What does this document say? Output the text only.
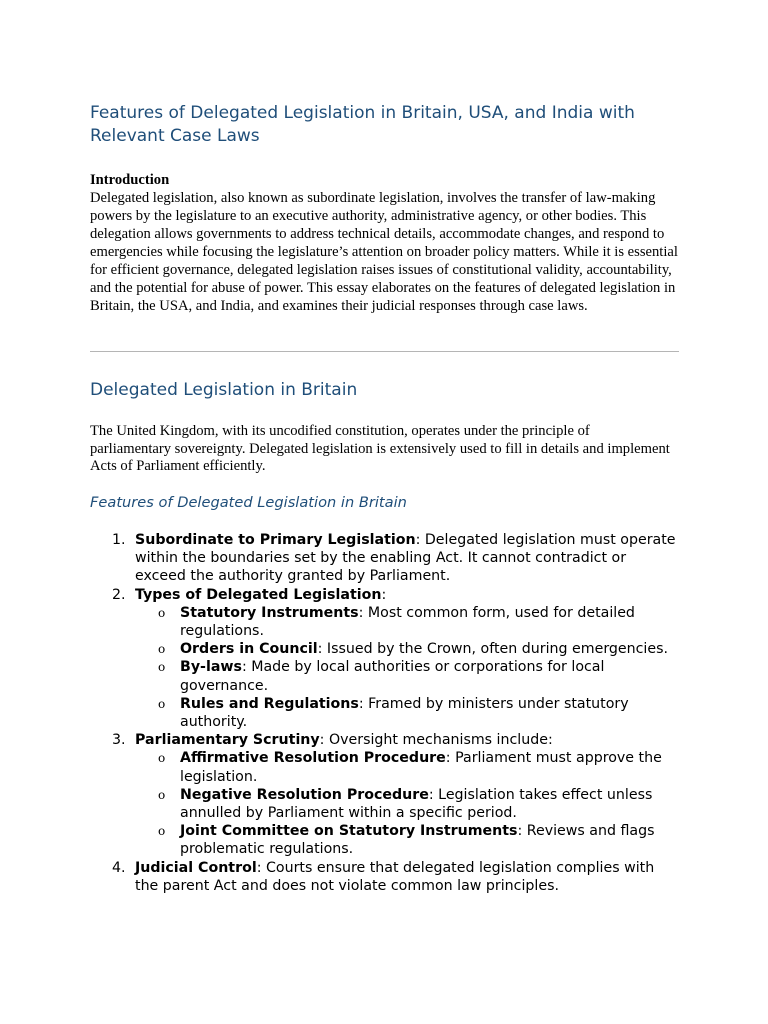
Features of Delegated Legislation in Britain, USA, and India with Relevant Case Laws

Introduction

Delegated legislation, also known as subordinate legislation, involves the transfer of law-making powers by the legislature to an executive authority, administrative agency, or other bodies. This delegation allows governments to address technical details, accommodate changes, and respond to emergencies while focusing the legislature’s attention on broader policy matters. While it is essential for efficient governance, delegated legislation raises issues of constitutional validity, accountability, and the potential for abuse of power. This essay elaborates on the features of delegated legislation in Britain, the USA, and India, and examines their judicial responses through case laws.

Delegated Legislation in Britain

The United Kingdom, with its uncodified constitution, operates under the principle of parliamentary sovereignty. Delegated legislation is extensively used to fill in details and implement Acts of Parliament efficiently.

Features of Delegated Legislation in Britain
1. Subordinate to Primary Legislation: Delegated legislation must operate within the boundaries set by the enabling Act. It cannot contradict or exceed the authority granted by Parliament.
2. Types of Delegated Legislation:
o Statutory Instruments: Most common form, used for detailed regulations.
o Orders in Council: Issued by the Crown, often during emergencies.
o By-laws: Made by local authorities or corporations for local governance.
o Rules and Regulations: Framed by ministers under statutory authority.
3. Parliamentary Scrutiny: Oversight mechanisms include:
o Affirmative Resolution Procedure: Parliament must approve the legislation.
o Negative Resolution Procedure: Legislation takes effect unless annulled by Parliament within a specific period.
o Joint Committee on Statutory Instruments: Reviews and flags problematic regulations.
4. Judicial Control: Courts ensure that delegated legislation complies with the parent Act and does not violate common law principles.
